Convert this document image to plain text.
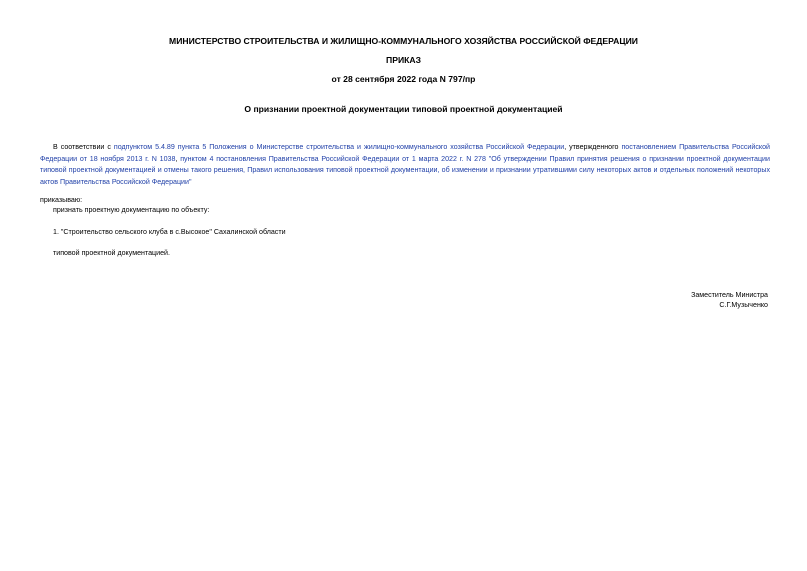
МИНИСТЕРСТВО СТРОИТЕЛЬСТВА И ЖИЛИЩНО-КОММУНАЛЬНОГО ХОЗЯЙСТВА РОССИЙСКОЙ ФЕДЕРАЦИИ
ПРИКАЗ
от 28 сентября 2022 года N 797/пр
О признании проектной документации типовой проектной документацией

В соответствии с подпунктом 5.4.89 пункта 5 Положения о Министерстве строительства и жилищно-коммунального хозяйства Российской Федерации, утвержденного постановлением Правительства Российской Федерации от 18 ноября 2013 г. N 1038, пунктом 4 постановления Правительства Российской Федерации от 1 марта 2022 г. N 278 "Об утверждении Правил принятия решения о признании проектной документации типовой проектной документацией и отмены такого решения, Правил использования типовой проектной документации, об изменении и признании утратившими силу некоторых актов и отдельных положений некоторых актов Правительства Российской Федерации"

приказываю:

признать проектную документацию по объекту:

1. "Строительство сельского клуба в с.Высокое" Сахалинской области

типовой проектной документацией.

Заместитель Министра
С.Г.Музыченко
